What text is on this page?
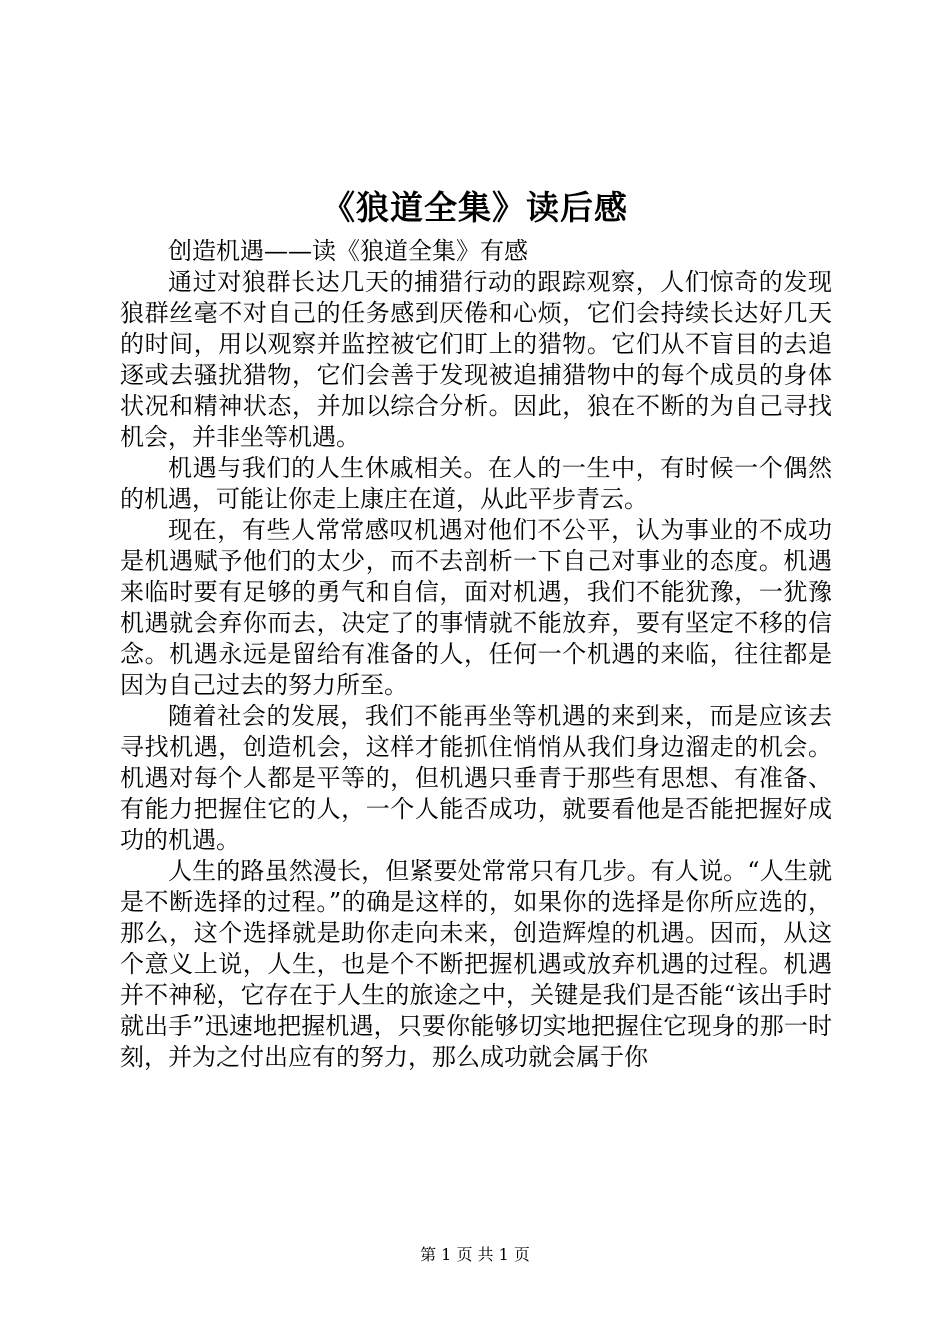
《狼道全集》读后感

创造机遇——读《狼道全集》有感

通过对狼群长达几天的捕猎行动的跟踪观察，人们惊奇的发现狼群丝毫不对自己的任务感到厌倦和心烦，它们会持续长达好几天的时间，用以观察并监控被它们盯上的猎物。它们从不盲目的去追逐或去骚扰猎物，它们会善于发现被追捕猎物中的每个成员的身体状况和精神状态，并加以综合分析。因此，狼在不断的为自己寻找机会，并非坐等机遇。

机遇与我们的人生休戚相关。在人的一生中，有时候一个偶然的机遇，可能让你走上康庄在道，从此平步青云。

现在，有些人常常感叹机遇对他们不公平，认为事业的不成功是机遇赋予他们的太少，而不去剖析一下自己对事业的态度。机遇来临时要有足够的勇气和自信，面对机遇，我们不能犹豫，一犹豫机遇就会弃你而去，决定了的事情就不能放弃，要有坚定不移的信念。机遇永远是留给有准备的人，任何一个机遇的来临，往往都是因为自己过去的努力所至。

随着社会的发展，我们不能再坐等机遇的来到来，而是应该去寻找机遇，创造机会，这样才能抓住悄悄从我们身边溜走的机会。机遇对每个人都是平等的，但机遇只垂青于那些有思想、有准备、有能力把握住它的人，一个人能否成功，就要看他是否能把握好成功的机遇。

人生的路虽然漫长，但紧要处常常只有几步。有人说。“人生就是不断选择的过程。”的确是这样的，如果你的选择是你所应选的，那么，这个选择就是助你走向未来，创造辉煌的机遇。因而，从这个意义上说，人生，也是个不断把握机遇或放弃机遇的过程。机遇并不神秘，它存在于人生的旅途之中，关键是我们是否能“该出手时就出手”迅速地把握机遇，只要你能够切实地把握住它现身的那一时刻，并为之付出应有的努力，那么成功就会属于你

第 1 页 共 1 页
